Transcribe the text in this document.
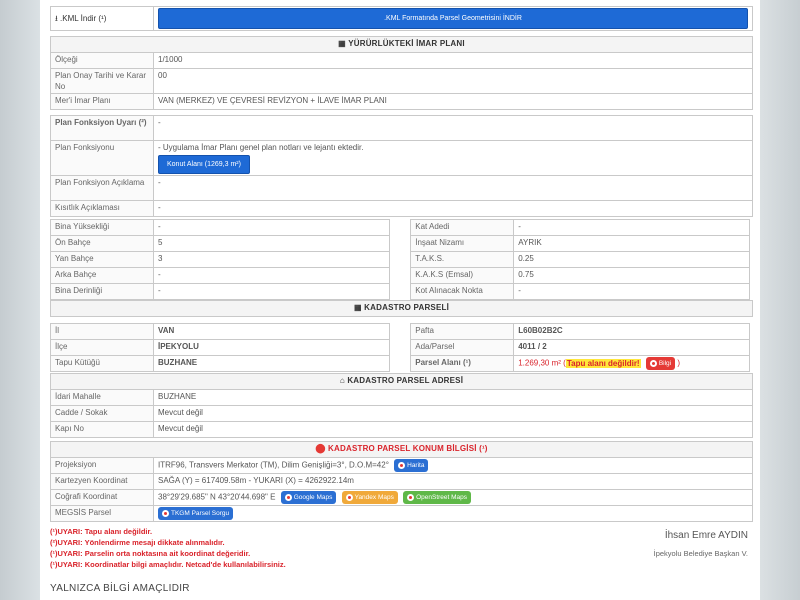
⭳ .KML İndir (¹)	.KML Formatında Parsel Geometrisini İNDİR
▦ YÜRÜRLÜKTEKİ İMAR PLANI	
Ölçeği	1/1000
Plan Onay Tarihi ve Karar No	00
Mer'i İmar Planı	VAN (MERKEZ) VE ÇEVRESİ REVİZYON + İLAVE İMAR PLANI
Plan Fonksiyon Uyarı (²)	-
Plan Fonksiyonu	- Uygulama İmar Planı genel plan notları ve lejantı ektedir.
Konut Alanı (1269,3 m²)
Plan Fonksiyon Açıklama	-
Kısıtlık Açıklaması	-
Bina Yüksekliği	-
Ön Bahçe	5
Yan Bahçe	3
Arka Bahçe	-
Bina Derinliği	-
Kat Adedi	-
İnşaat Nizamı	AYRIK
T.A.K.S.	0.25
K.A.K.S (Emsal)	0.75
Kot Alınacak Nokta	-
▦ KADASTRO PARSELİ
İl	VAN
İlçe	İPEKYOLU
Tapu Kütüğü	BUZHANE
Pafta	L60B02B2C
Ada/Parsel	4011 / 2
Parsel Alanı (¹)	1.269,30 m² (Tapu alanı değildir! Bilgi )
⌂ KADASTRO PARSEL ADRESİ	
İdari Mahalle	BUZHANE
Cadde / Sokak	Mevcut değil
Kapı No	Mevcut değil
⬤ KADASTRO PARSEL KONUM BİLGİSİ (¹)	
Projeksiyon	ITRF96, Transvers Merkator (TM), Dilim Genişliği=3°, D.O.M=42° Harita

Kartezyen Koordinat	SAĞA (Y) = 617409.58m - YUKARI (X) = 4262922.14m
Coğrafi Koordinat	38°29'29.685" N 43°20'44.698" E Google Maps
Yandex Maps
OpenStreet Maps

MEGSİS Parsel	TKGM Parsel Sorgu
(¹)UYARI: Tapu alanı değildir.
(²)UYARI: Yönlendirme mesajı dikkate alınmalıdır.
(¹)UYARI: Parselin orta noktasına ait koordinat değeridir.
(¹)UYARI: Koordinatlar bilgi amaçlıdır. Netcad'de kullanılabilirsiniz.
İhsan Emre AYDIN
İpekyolu Belediye Başkan V.
YALNIZCA BİLGİ AMAÇLIDIR
